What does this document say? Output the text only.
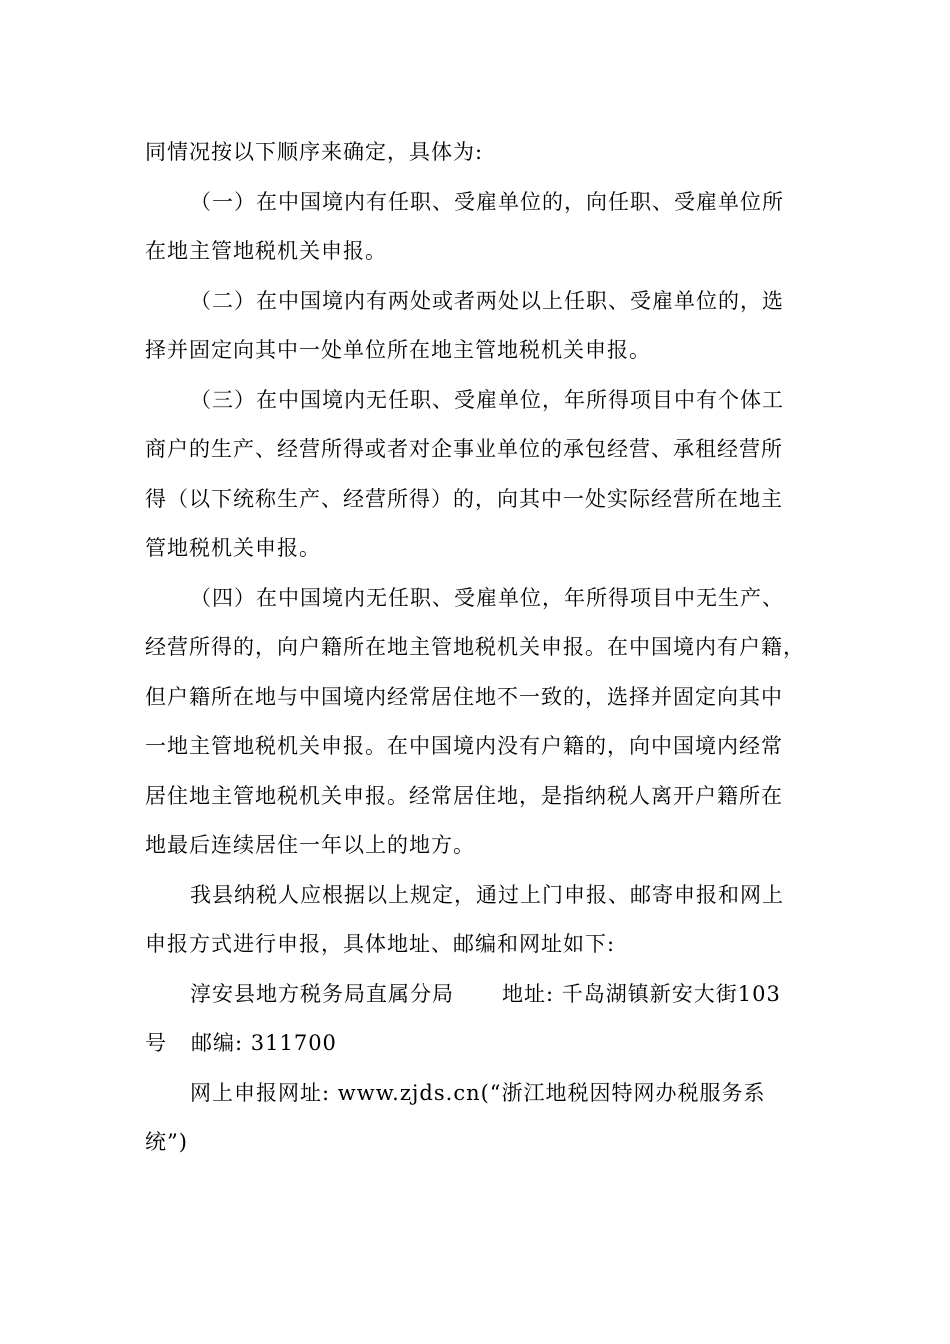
同情况按以下顺序来确定，具体为:
（一）在中国境内有任职、受雇单位的，向任职、受雇单位所
在地主管地税机关申报。
（二）在中国境内有两处或者两处以上任职、受雇单位的，选
择并固定向其中一处单位所在地主管地税机关申报。
（三）在中国境内无任职、受雇单位，年所得项目中有个体工
商户的生产、经营所得或者对企事业单位的承包经营、承租经营所
得（以下统称生产、经营所得）的，向其中一处实际经营所在地主
管地税机关申报。
（四）在中国境内无任职、受雇单位，年所得项目中无生产、
经营所得的，向户籍所在地主管地税机关申报。在中国境内有户籍，
但户籍所在地与中国境内经常居住地不一致的，选择并固定向其中
一地主管地税机关申报。在中国境内没有户籍的，向中国境内经常
居住地主管地税机关申报。经常居住地，是指纳税人离开户籍所在
地最后连续居住一年以上的地方。
我县纳税人应根据以上规定，通过上门申报、邮寄申报和网上
申报方式进行申报，具体地址、邮编和网址如下:
淳安县地方税务局直属分局 地址: 千岛湖镇新安大街103
号 邮编: 311700
网上申报网址: www.zjds.cn(“浙江地税因特网办税服务系
统”)
